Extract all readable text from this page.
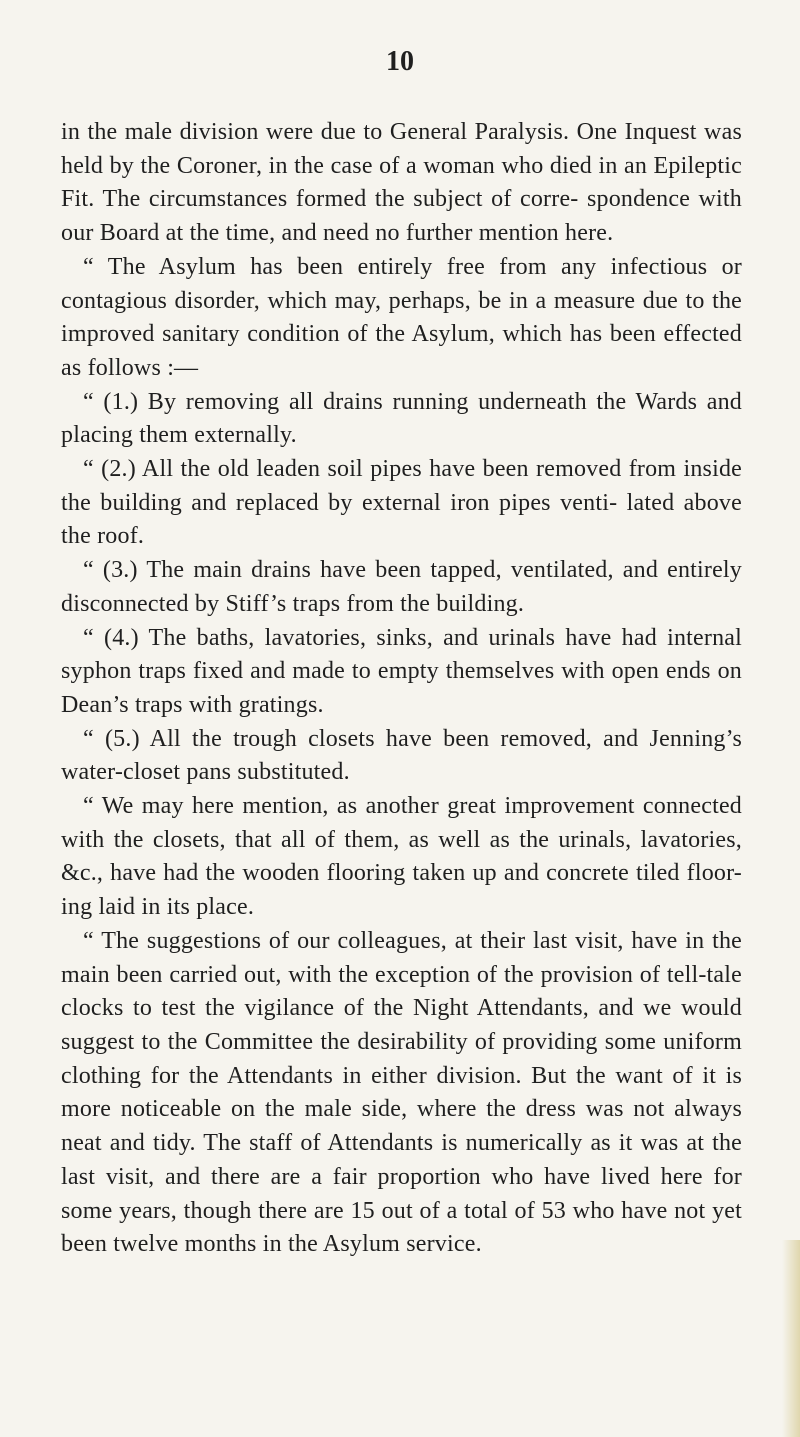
10

in the male division were due to General Paralysis. One Inquest was held by the Coroner, in the case of a woman who died in an Epileptic Fit. The circumstances formed the subject of corre- spondence with our Board at the time, and need no further mention here.

“ The Asylum has been entirely free from any infectious or contagious disorder, which may, perhaps, be in a measure due to the improved sanitary condition of the Asylum, which has been effected as follows :—

“ (1.) By removing all drains running underneath the Wards and placing them externally.

“ (2.) All the old leaden soil pipes have been removed from inside the building and replaced by external iron pipes venti- lated above the roof.

“ (3.) The main drains have been tapped, ventilated, and entirely disconnected by Stiff’s traps from the building.

“ (4.) The baths, lavatories, sinks, and urinals have had internal syphon traps fixed and made to empty themselves with open ends on Dean’s traps with gratings.

“ (5.) All the trough closets have been removed, and Jenning’s water-closet pans substituted.

“ We may here mention, as another great improvement connected with the closets, that all of them, as well as the urinals, lavatories, &c., have had the wooden flooring taken up and concrete tiled floor- ing laid in its place.

“ The suggestions of our colleagues, at their last visit, have in the main been carried out, with the exception of the provision of tell-tale clocks to test the vigilance of the Night Attendants, and we would suggest to the Committee the desirability of providing some uniform clothing for the Attendants in either division. But the want of it is more noticeable on the male side, where the dress was not always neat and tidy. The staff of Attendants is numerically as it was at the last visit, and there are a fair proportion who have lived here for some years, though there are 15 out of a total of 53 who have not yet been twelve months in the Asylum service.
